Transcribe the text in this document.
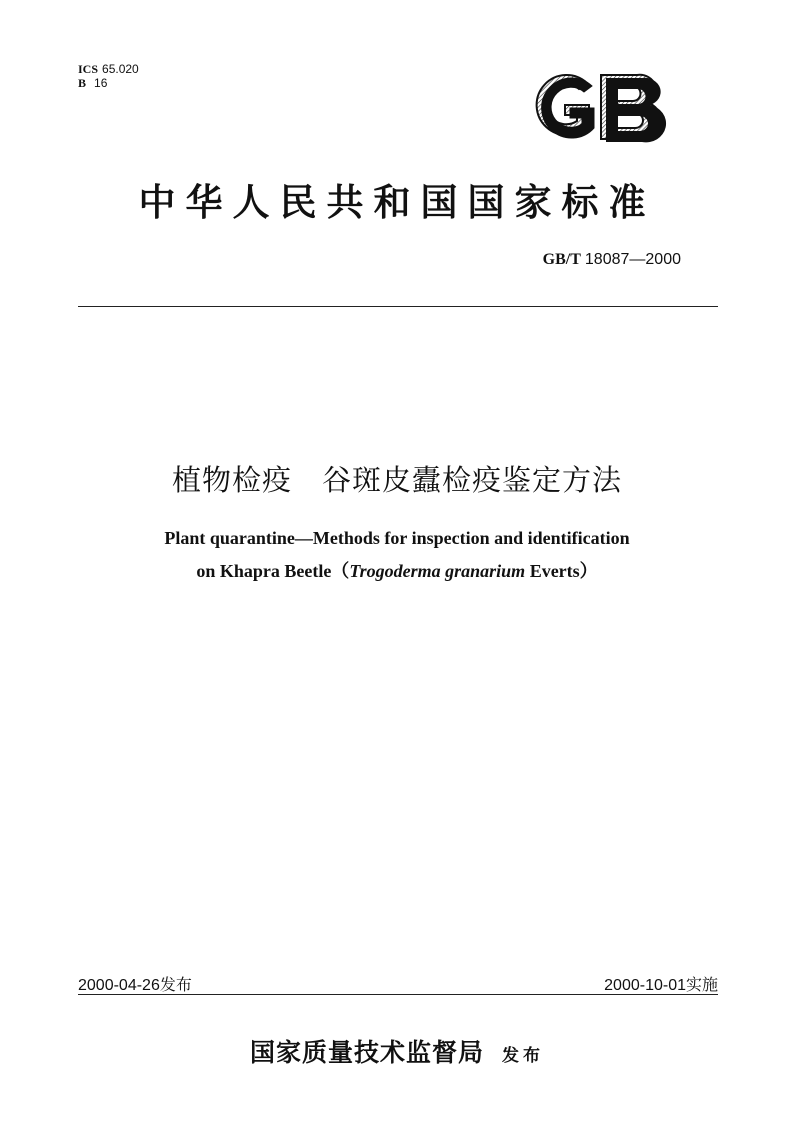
ICS 65.020
B 16
中华人民共和国国家标准
GB/T 18087—2000
植物检疫　谷斑皮蠹检疫鉴定方法
Plant quarantine—Methods for inspection and identification
on Khapra Beetle（Trogoderma granarium Everts）
2000-04-26发布	2000-10-01实施
国家质量技术监督局 发布
